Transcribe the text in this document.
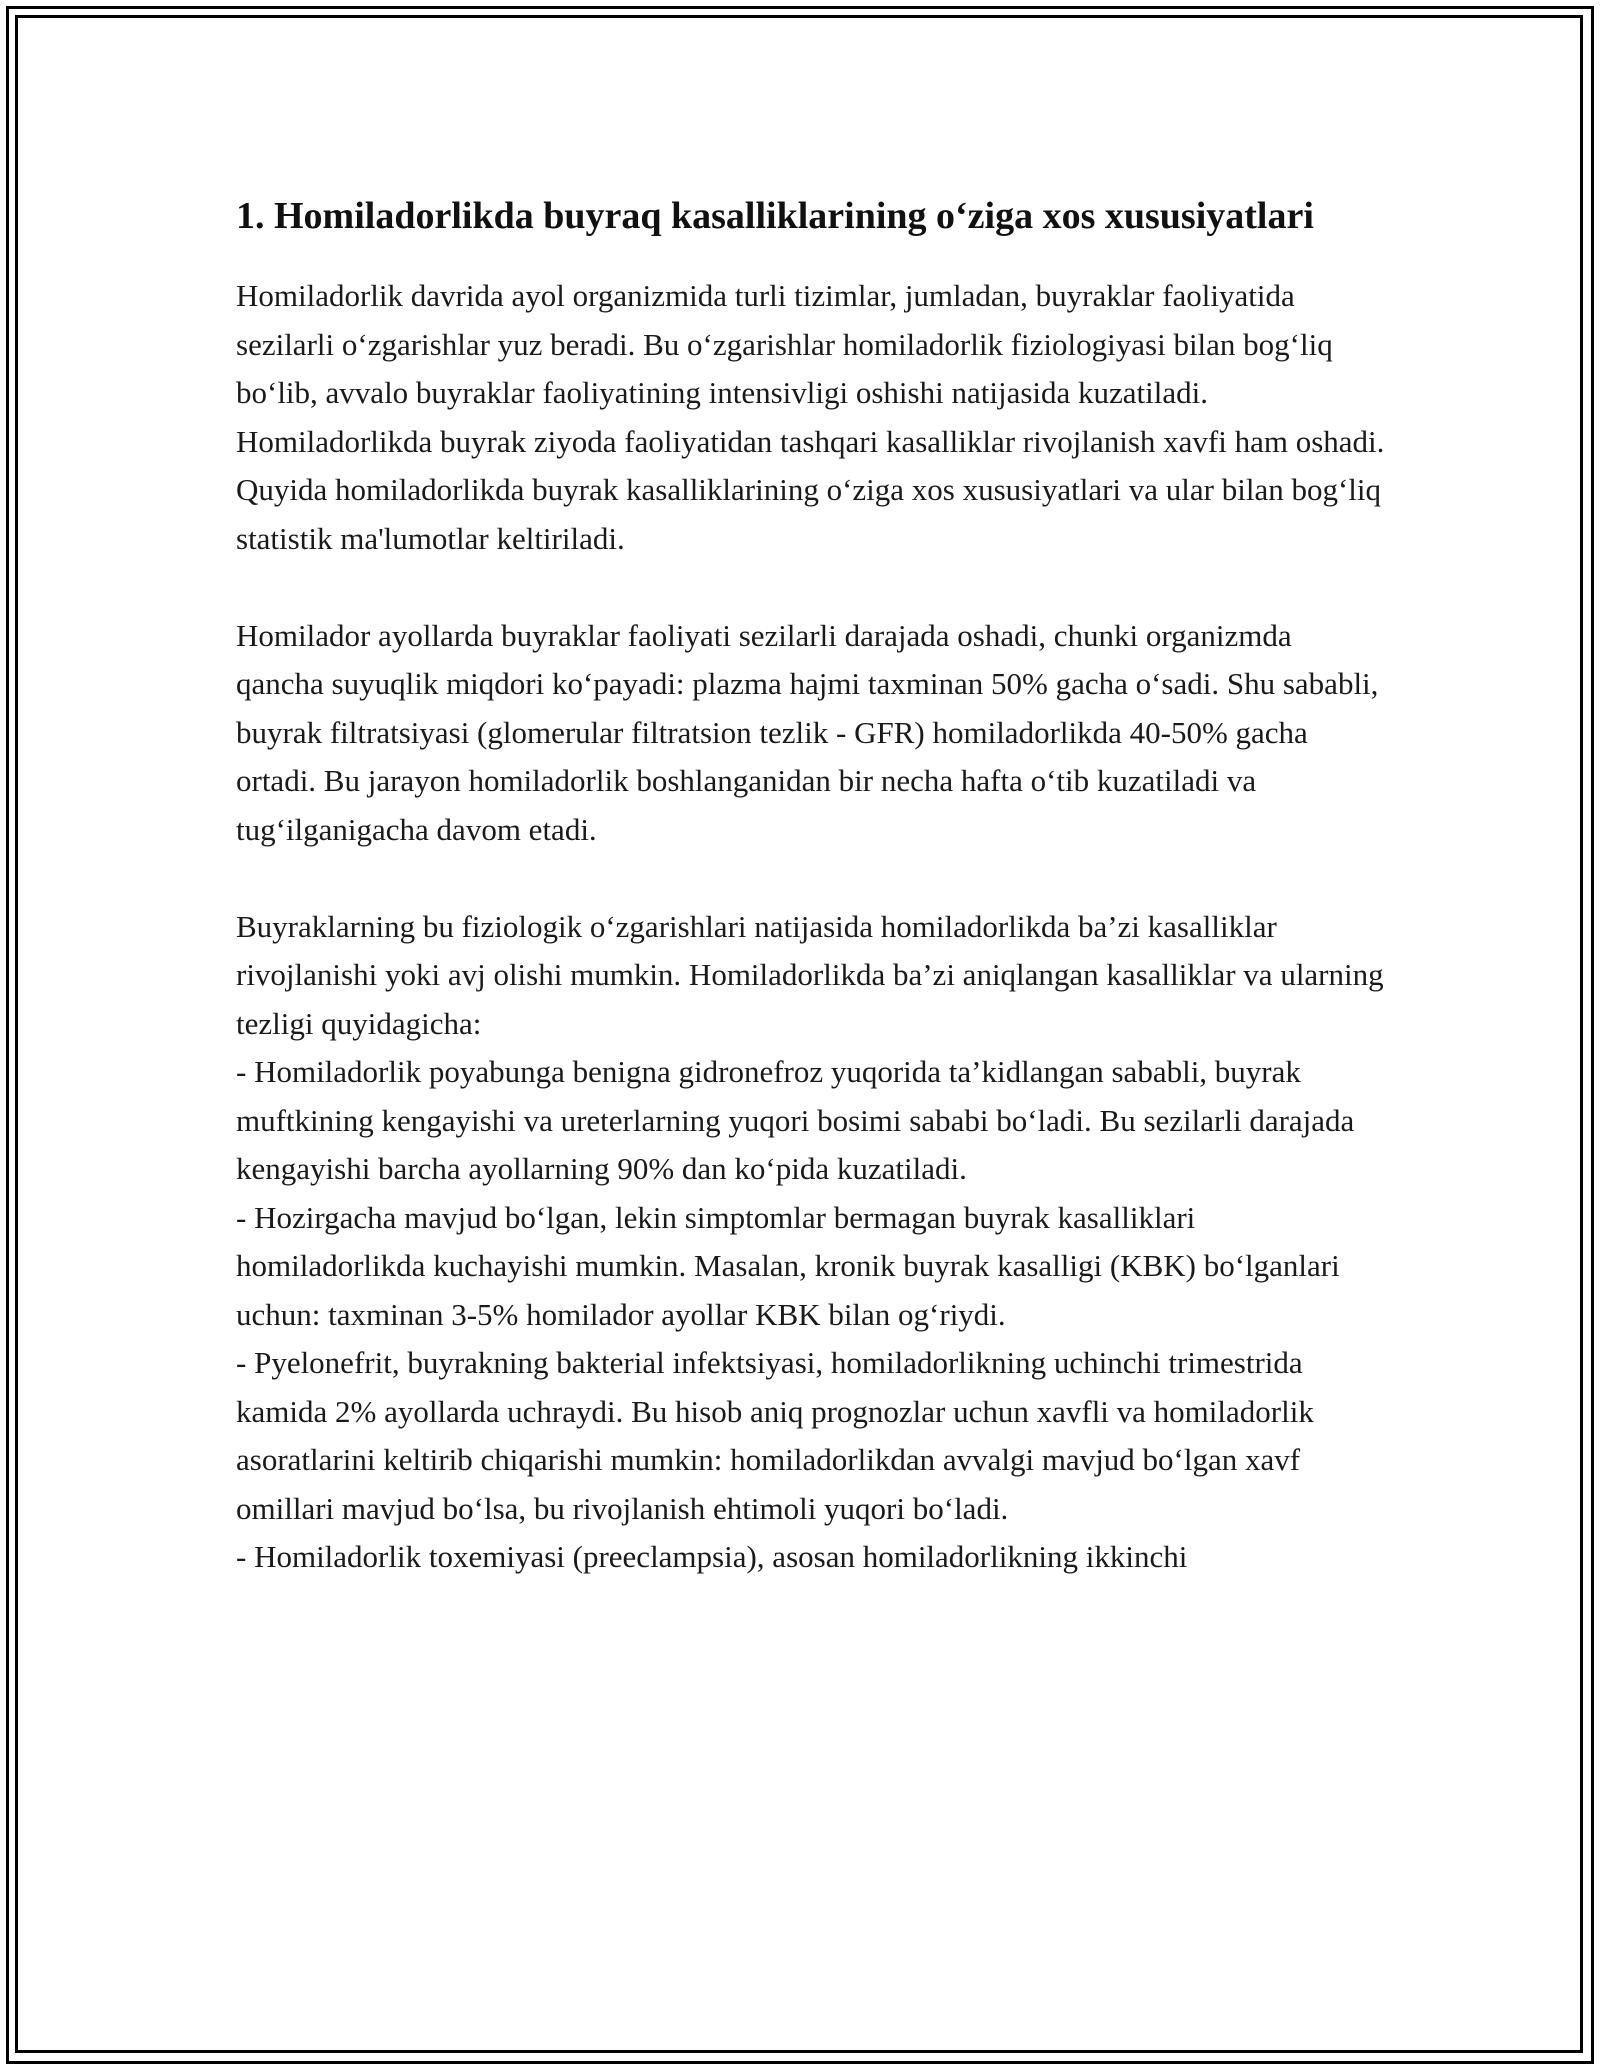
1. Homiladorlikda buyraq kasalliklarining o‘ziga xos xususiyatlari

Homiladorlik davrida ayol organizmida turli tizimlar, jumladan, buyraklar faoliyatida sezilarli o‘zgarishlar yuz beradi. Bu o‘zgarishlar homiladorlik fiziologiyasi bilan bog‘liq bo‘lib, avvalo buyraklar faoliyatining intensivligi oshishi natijasida kuzatiladi. Homiladorlikda buyrak ziyoda faoliyatidan tashqari kasalliklar rivojlanish xavfi ham oshadi. Quyida homiladorlikda buyrak kasalliklarining o‘ziga xos xususiyatlari va ular bilan bog‘liq statistik ma'lumotlar keltiriladi.

Homilador ayollarda buyraklar faoliyati sezilarli darajada oshadi, chunki organizmda qancha suyuqlik miqdori ko‘payadi: plazma hajmi taxminan 50% gacha o‘sadi. Shu sababli, buyrak filtratsiyasi (glomerular filtratsion tezlik - GFR) homiladorlikda 40-50% gacha ortadi. Bu jarayon homiladorlik boshlanganidan bir necha hafta o‘tib kuzatiladi va tug‘ilganigacha davom etadi.

Buyraklarning bu fiziologik o‘zgarishlari natijasida homiladorlikda ba’zi kasalliklar rivojlanishi yoki avj olishi mumkin. Homiladorlikda ba’zi aniqlangan kasalliklar va ularning tezligi quyidagicha:
- Homiladorlik poyabunga benigna gidronefroz yuqorida ta’kidlangan sababli, buyrak muftkining kengayishi va ureterlarning yuqori bosimi sababi bo‘ladi. Bu sezilarli darajada kengayishi barcha ayollarning 90% dan ko‘pida kuzatiladi.
- Hozirgacha mavjud bo‘lgan, lekin simptomlar bermagan buyrak kasalliklari homiladorlikda kuchayishi mumkin. Masalan, kronik buyrak kasalligi (KBK) bo‘lganlari uchun: taxminan 3-5% homilador ayollar KBK bilan og‘riydi.
- Pyelonefrit, buyrakning bakterial infektsiyasi, homiladorlikning uchinchi trimestrida kamida 2% ayollarda uchraydi. Bu hisob aniq prognozlar uchun xavfli va homiladorlik asoratlarini keltirib chiqarishi mumkin: homiladorlikdan avvalgi mavjud bo‘lgan xavf omillari mavjud bo‘lsa, bu rivojlanish ehtimoli yuqori bo‘ladi.
- Homiladorlik toxemiyasi (preeclampsia), asosan homiladorlikning ikkinchi
